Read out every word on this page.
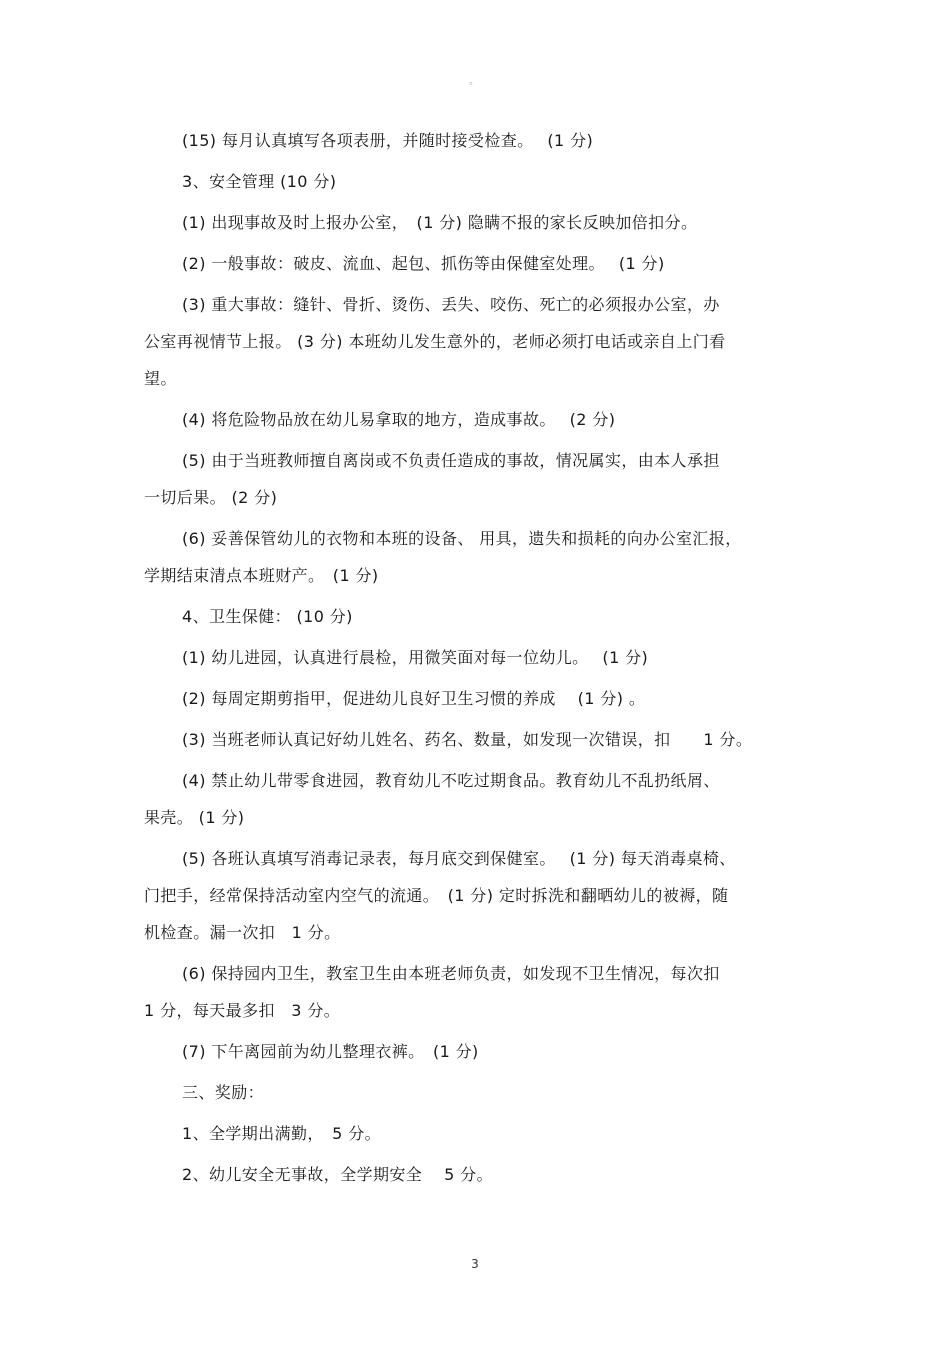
。
(15) 每月认真填写各项表册，并随时接受检查。　 (1 分)
3、安全管理 (10 分)
(1) 出现事故及时上报办公室，　(1 分) 隐瞒不报的家长反映加倍扣分。
(2) 一般事故：破皮、流血、起包、抓伤等由保健室处理。　 (1 分)
(3) 重大事故：缝针、骨折、烫伤、丢失、咬伤、死亡的必须报办公室，办
公室再视情节上报。 (3 分) 本班幼儿发生意外的，老师必须打电话或亲自上门看
望。
(4) 将危险物品放在幼儿易拿取的地方，造成事故。　 (2 分)
(5) 由于当班教师擅自离岗或不负责任造成的事故，情况属实，由本人承担
一切后果。 (2 分)
(6) 妥善保管幼儿的衣物和本班的设备、 用具，遗失和损耗的向办公室汇报，
学期结束清点本班财产。　(1 分)
4、卫生保健： (10 分)
(1) 幼儿进园，认真进行晨检，用微笑面对每一位幼儿。　 (1 分)
(2) 每周定期剪指甲，促进幼儿良好卫生习惯的养成　 (1 分) 。
(3) 当班老师认真记好幼儿姓名、药名、数量，如发现一次错误，扣　　1 分。
(4) 禁止幼儿带零食进园，教育幼儿不吃过期食品。教育幼儿不乱扔纸屑、
果壳。 (1 分)
(5) 各班认真填写消毒记录表，每月底交到保健室。　 (1 分) 每天消毒桌椅、
门把手，经常保持活动室内空气的流通。　(1 分) 定时拆洗和翻晒幼儿的被褥，随
机检查。漏一次扣　1 分。
(6) 保持园内卫生，教室卫生由本班老师负责，如发现不卫生情况，每次扣
1 分，每天最多扣　3 分。
(7) 下午离园前为幼儿整理衣裤。　(1 分)
三、奖励：
1、全学期出满勤，　5 分。
2、幼儿安全无事故，全学期安全　 5 分。
3
